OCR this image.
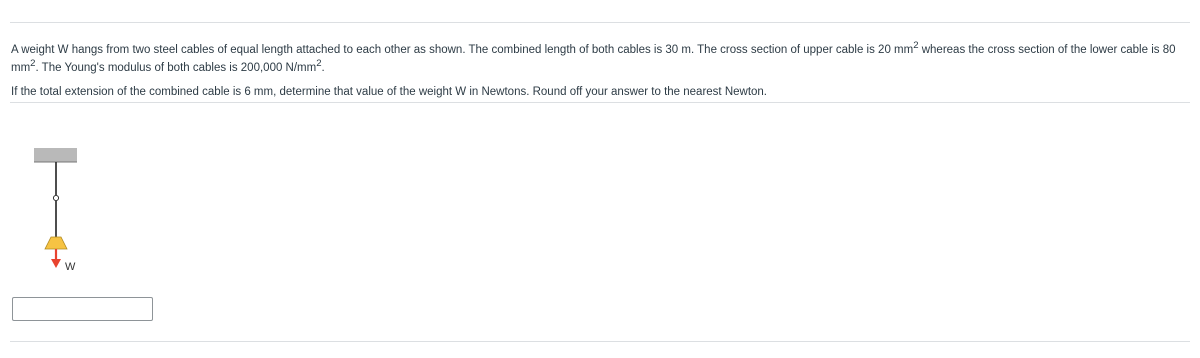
A weight W hangs from two steel cables of equal length attached to each other as shown. The combined length of both cables is 30 m. The cross section of upper cable is 20 $mm^2$ whereas the cross section of the lower cable is 80 $mm^2$. The Young's modulus of both cables is 200,000 $N/mm^2$.

If the total extension of the combined cable is 6 mm, determine that value of the weight W in Newtons. Round off your answer to the nearest Newton.

W
